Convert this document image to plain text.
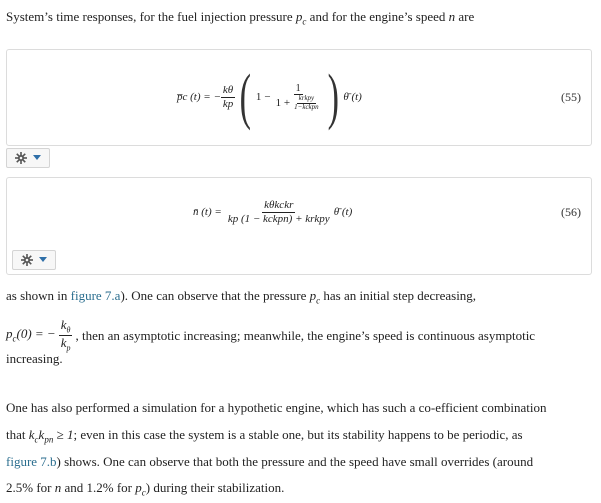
System’s time responses, for the fuel injection pressure $p_c$ and for the engine’s speed n are
p̅c (t) = − $\frac{k\theta}{kp}$ ( $1 - \frac{1}{1 + \frac{\text{krkpy}}{\text{1−kckpn}}}$ ) θ̄ (t)	(55)
n̄ $(t) = \frac{\text{kθkckr}}{\text{kp (1 − kckpn) + krkpy}}$ θ̄ (t)	(56)
as shown in figure 7.a). One can observe that the pressure $p_c$ has an initial step decreasing,
$p_c(0)$ = − $\frac{k_\theta}{k_p}$ , then an asymptotic increasing; meanwhile, the engine’s speed is continuous asymptotic
increasing.
One has also performed a simulation for a hypothetic engine, which has such a co-efficient combination
that $k_ck_{pn} \ge 1$; even in this case the system is a stable one, but its stability happens to be periodic, as
figure 7.b) shows. One can observe that both the pressure and the speed have small overrides (around
2.5% for n and 1.2% for $p_c$) during their stabilization.
